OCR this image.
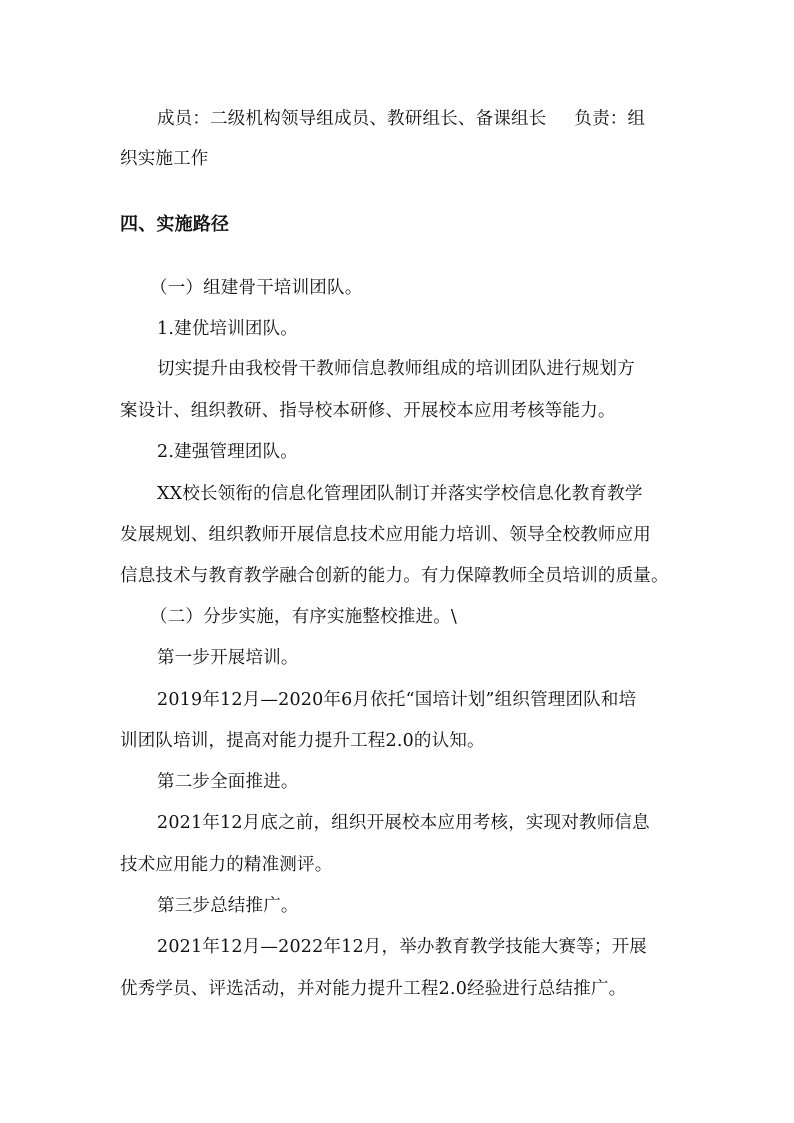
成员：二级机构领导组成员、教研组长、备课组长 负责：组
织实施工作
四、实施路径
（一）组建骨干培训团队。
1.建优培训团队。
切实提升由我校骨干教师信息教师组成的培训团队进行规划方
案设计、组织教研、指导校本研修、开展校本应用考核等能力。
2.建强管理团队。
XX校长领衔的信息化管理团队制订并落实学校信息化教育教学
发展规划、组织教师开展信息技术应用能力培训、领导全校教师应用
信息技术与教育教学融合创新的能力。有力保障教师全员培训的质量。
（二）分步实施，有序实施整校推进。\
第一步开展培训。
2019年12月—2020年6月依托“国培计划”组织管理团队和培
训团队培训，提高对能力提升工程2.0的认知。
第二步全面推进。
2021年12月底之前，组织开展校本应用考核，实现对教师信息
技术应用能力的精准测评。
第三步总结推广。
2021年12月—2022年12月，举办教育教学技能大赛等；开展
优秀学员、评选活动，并对能力提升工程2.0经验进行总结推广。
